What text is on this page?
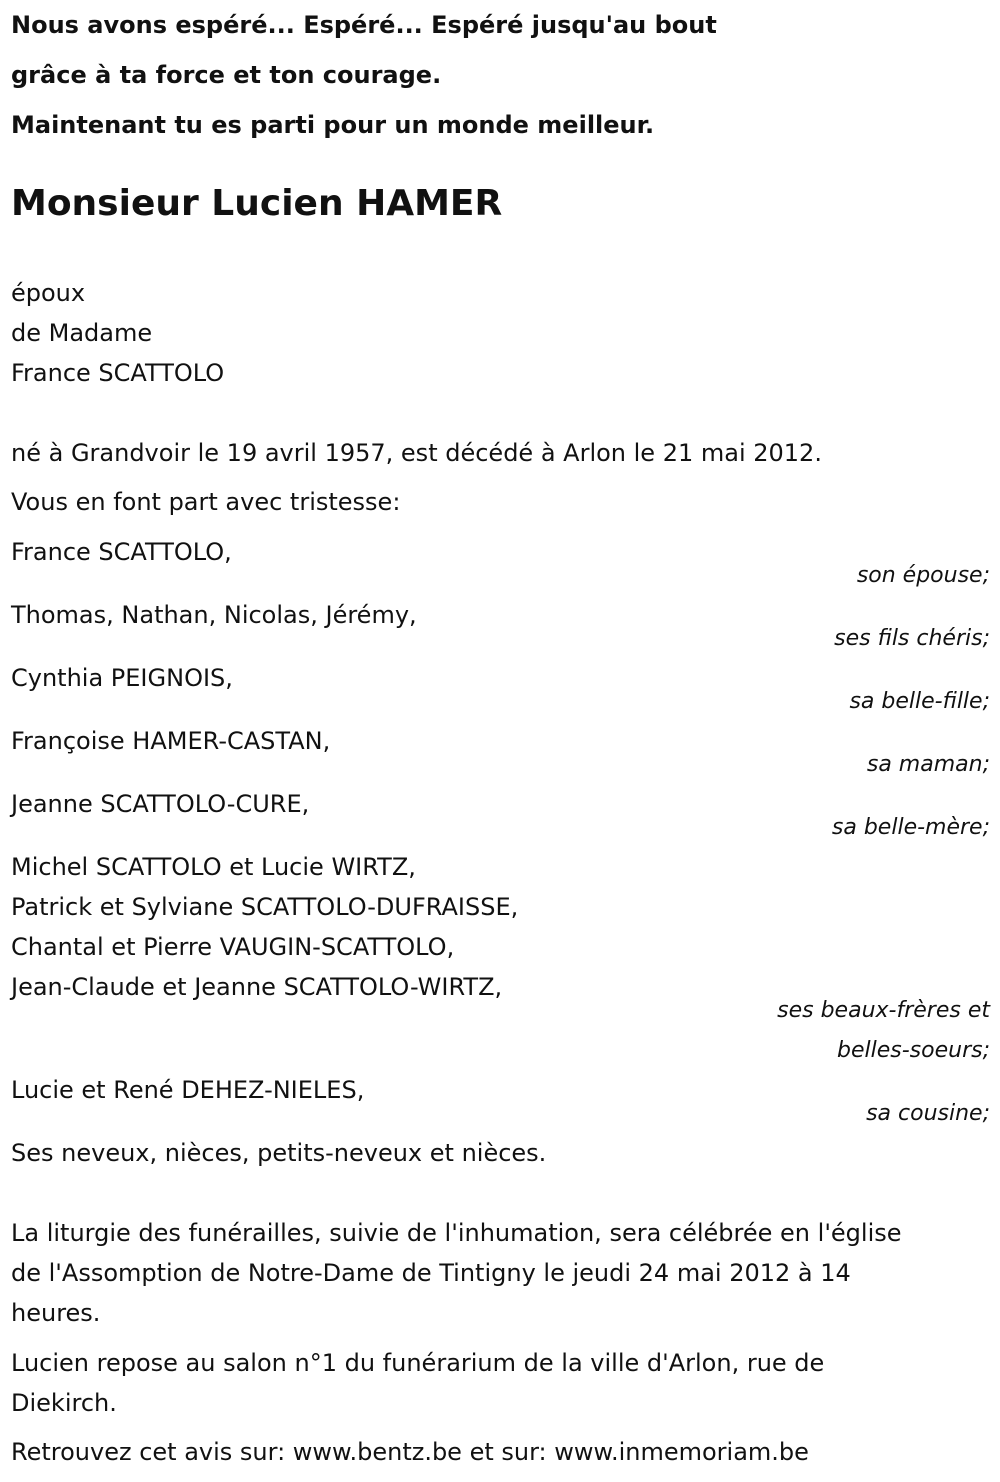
Nous avons espéré... Espéré... Espéré jusqu'au bout
grâce à ta force et ton courage.
Maintenant tu es parti pour un monde meilleur.
Monsieur Lucien HAMER
époux
de Madame
France SCATTOLO
né à Grandvoir le 19 avril 1957, est décédé à Arlon le 21 mai 2012.
Vous en font part avec tristesse:
France SCATTOLO,
son épouse;
Thomas, Nathan, Nicolas, Jérémy,
ses fils chéris;
Cynthia PEIGNOIS,
sa belle-fille;
Françoise HAMER-CASTAN,
sa maman;
Jeanne SCATTOLO-CURE,
sa belle-mère;
Michel SCATTOLO et Lucie WIRTZ,
Patrick et Sylviane SCATTOLO-DUFRAISSE,
Chantal et Pierre VAUGIN-SCATTOLO,
Jean-Claude et Jeanne SCATTOLO-WIRTZ,
ses beaux-frères et
belles-soeurs;
Lucie et René DEHEZ-NIELES,
sa cousine;
Ses neveux, nièces, petits-neveux et nièces.
La liturgie des funérailles, suivie de l'inhumation, sera célébrée en l'église
de l'Assomption de Notre-Dame de Tintigny le jeudi 24 mai 2012 à 14
heures.
Lucien repose au salon n°1 du funérarium de la ville d'Arlon, rue de
Diekirch.
Retrouvez cet avis sur: www.bentz.be et sur: www.inmemoriam.be
